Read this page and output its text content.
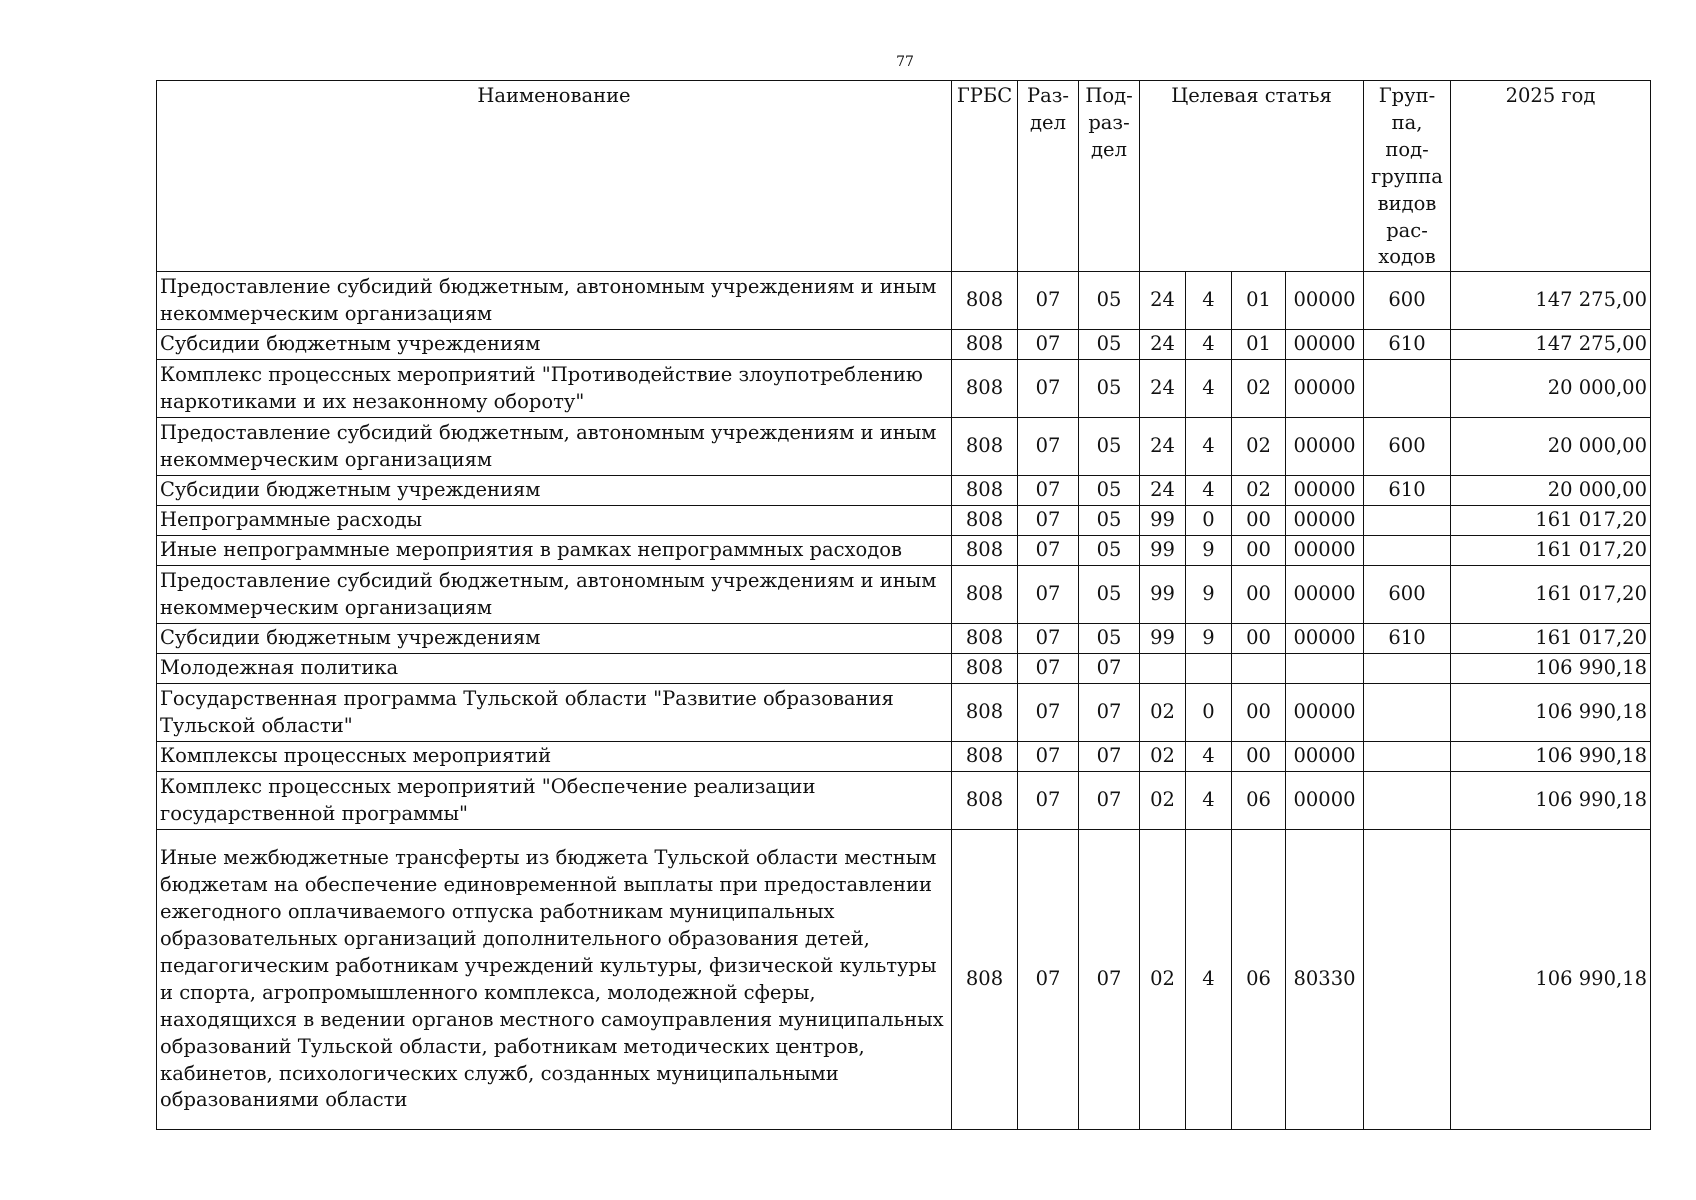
77
Наименование	ГРБС	Раз- дел	Под- раз- дел	Целевая статья				Груп- па, под- группа видов рас- ходов	2025 год
Предоставление субсидий бюджетным, автономным учреждениям и иным некоммерческим организациям	808	07	05	24	4	01	00000	600	147 275,00
Субсидии бюджетным учреждениям	808	07	05	24	4	01	00000	610	147 275,00
Комплекс процессных мероприятий "Противодействие злоупотреблению наркотиками и их незаконному обороту"	808	07	05	24	4	02	00000		20 000,00
Предоставление субсидий бюджетным, автономным учреждениям и иным некоммерческим организациям	808	07	05	24	4	02	00000	600	20 000,00
Субсидии бюджетным учреждениям	808	07	05	24	4	02	00000	610	20 000,00
Непрограммные расходы	808	07	05	99	0	00	00000		161 017,20
Иные непрограммные мероприятия в рамках непрограммных расходов	808	07	05	99	9	00	00000		161 017,20
Предоставление субсидий бюджетным, автономным учреждениям и иным некоммерческим организациям	808	07	05	99	9	00	00000	600	161 017,20
Субсидии бюджетным учреждениям	808	07	05	99	9	00	00000	610	161 017,20
Молодежная политика	808	07	07						106 990,18
Государственная программа Тульской области "Развитие образования Тульской области"	808	07	07	02	0	00	00000		106 990,18
Комплексы процессных мероприятий	808	07	07	02	4	00	00000		106 990,18
Комплекс процессных мероприятий "Обеспечение реализации государственной программы"	808	07	07	02	4	06	00000		106 990,18
Иные межбюджетные трансферты из бюджета Тульской области местным бюджетам на обеспечение единовременной выплаты при предоставлении ежегодного оплачиваемого отпуска работникам муниципальных образовательных организаций дополнительного образования детей, педагогическим работникам учреждений культуры, физической культуры и спорта, агропромышленного комплекса, молодежной сферы, находящихся в ведении органов местного самоуправления муниципальных образований Тульской области, работникам методических центров, кабинетов, психологических служб, созданных муниципальными образованиями области	808	07	07	02	4	06	80330		106 990,18
